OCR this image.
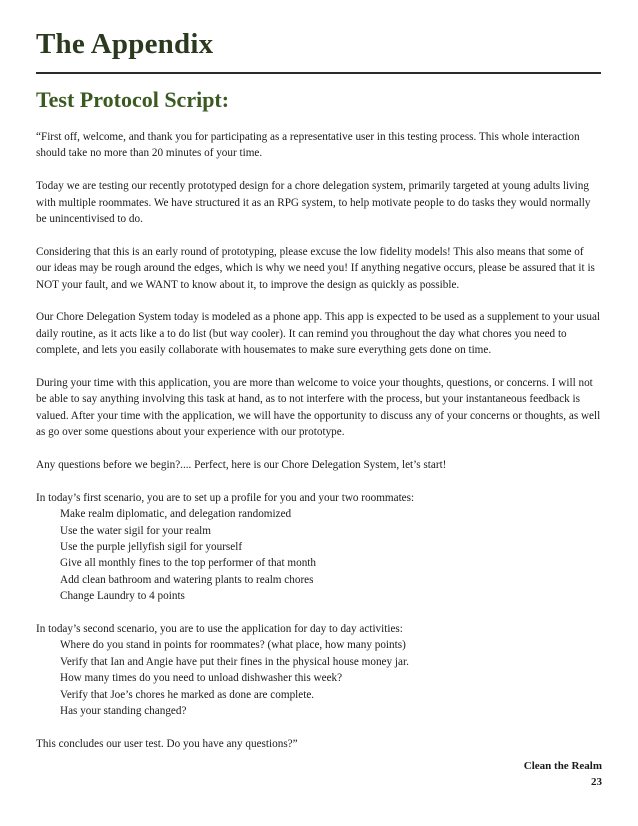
The Appendix
Test Protocol Script:

“First off, welcome, and thank you for participating as a representative user in this testing process. This whole interaction should take no more than 20 minutes of your time.

Today we are testing our recently prototyped design for a chore delegation system, primarily targeted at young adults living with multiple roommates. We have structured it as an RPG system, to help motivate people to do tasks they would normally be unincentivised to do.

Considering that this is an early round of prototyping, please excuse the low fidelity models! This also means that some of our ideas may be rough around the edges, which is why we need you! If anything negative occurs, please be assured that it is NOT your fault, and we WANT to know about it, to improve the design as quickly as possible.

Our Chore Delegation System today is modeled as a phone app. This app is expected to be used as a supplement to your usual daily routine, as it acts like a to do list (but way cooler). It can remind you throughout the day what chores you need to complete, and lets you easily collaborate with housemates to make sure everything gets done on time.

During your time with this application, you are more than welcome to voice your thoughts, questions, or concerns. I will not be able to say anything involving this task at hand, as to not interfere with the process, but your instantaneous feedback is valued. After your time with the application, we will have the opportunity to discuss any of your concerns or thoughts, as well as go over some questions about your experience with our prototype.

Any questions before we begin?.... Perfect, here is our Chore Delegation System, let’s start!

In today’s first scenario, you are to set up a profile for you and your two roommates:

Make realm diplomatic, and delegation randomized
Use the water sigil for your realm
Use the purple jellyfish sigil for yourself
Give all monthly fines to the top performer of that month
Add clean bathroom and watering plants to realm chores
Change Laundry to 4 points

In today’s second scenario, you are to use the application for day to day activities:

Where do you stand in points for roommates? (what place, how many points)
Verify that Ian and Angie have put their fines in the physical house money jar.
How many times do you need to unload dishwasher this week?
Verify that Joe’s chores he marked as done are complete.
Has your standing changed?

This concludes our user test. Do you have any questions?”

Clean the Realm
23
